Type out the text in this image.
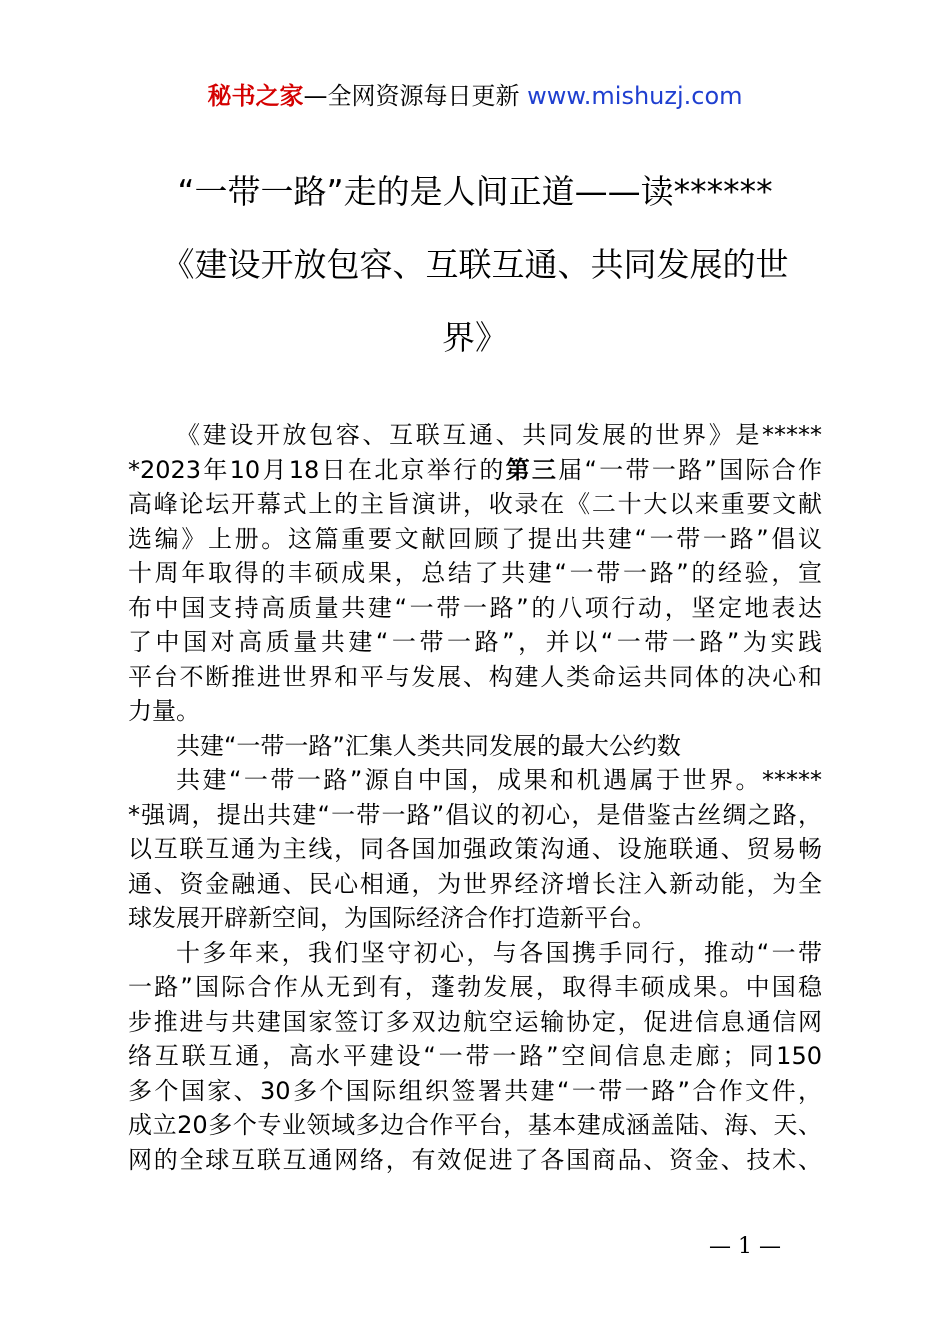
秘书之家—全网资源每日更新 www.mishuzj.com
“一带一路”走的是人间正道——读******
《建设开放包容、互联互通、共同发展的世
界》
《建设开放包容、互联互通、共同发展的世界》是*****
*2023年10月18日在北京举行的第三届“一带一路”国际合作
高峰论坛开幕式上的主旨演讲，收录在《二十大以来重要文献
选编》上册。这篇重要文献回顾了提出共建“一带一路”倡议
十周年取得的丰硕成果，总结了共建“一带一路”的经验，宣
布中国支持高质量共建“一带一路”的八项行动，坚定地表达
了中国对高质量共建“一带一路”，并以“一带一路”为实践
平台不断推进世界和平与发展、构建人类命运共同体的决心和
力量。
共建“一带一路”汇集人类共同发展的最大公约数
共建“一带一路”源自中国，成果和机遇属于世界。*****
*强调，提出共建“一带一路”倡议的初心，是借鉴古丝绸之路，
以互联互通为主线，同各国加强政策沟通、设施联通、贸易畅
通、资金融通、民心相通，为世界经济增长注入新动能，为全
球发展开辟新空间，为国际经济合作打造新平台。
十多年来，我们坚守初心，与各国携手同行，推动“一带
一路”国际合作从无到有，蓬勃发展，取得丰硕成果。中国稳
步推进与共建国家签订多双边航空运输协定，促进信息通信网
络互联互通，高水平建设“一带一路”空间信息走廊；同150
多个国家、30多个国际组织签署共建“一带一路”合作文件，
成立20多个专业领域多边合作平台，基本建成涵盖陆、海、天、
网的全球互联互通网络，有效促进了各国商品、资金、技术、
— 1 —
